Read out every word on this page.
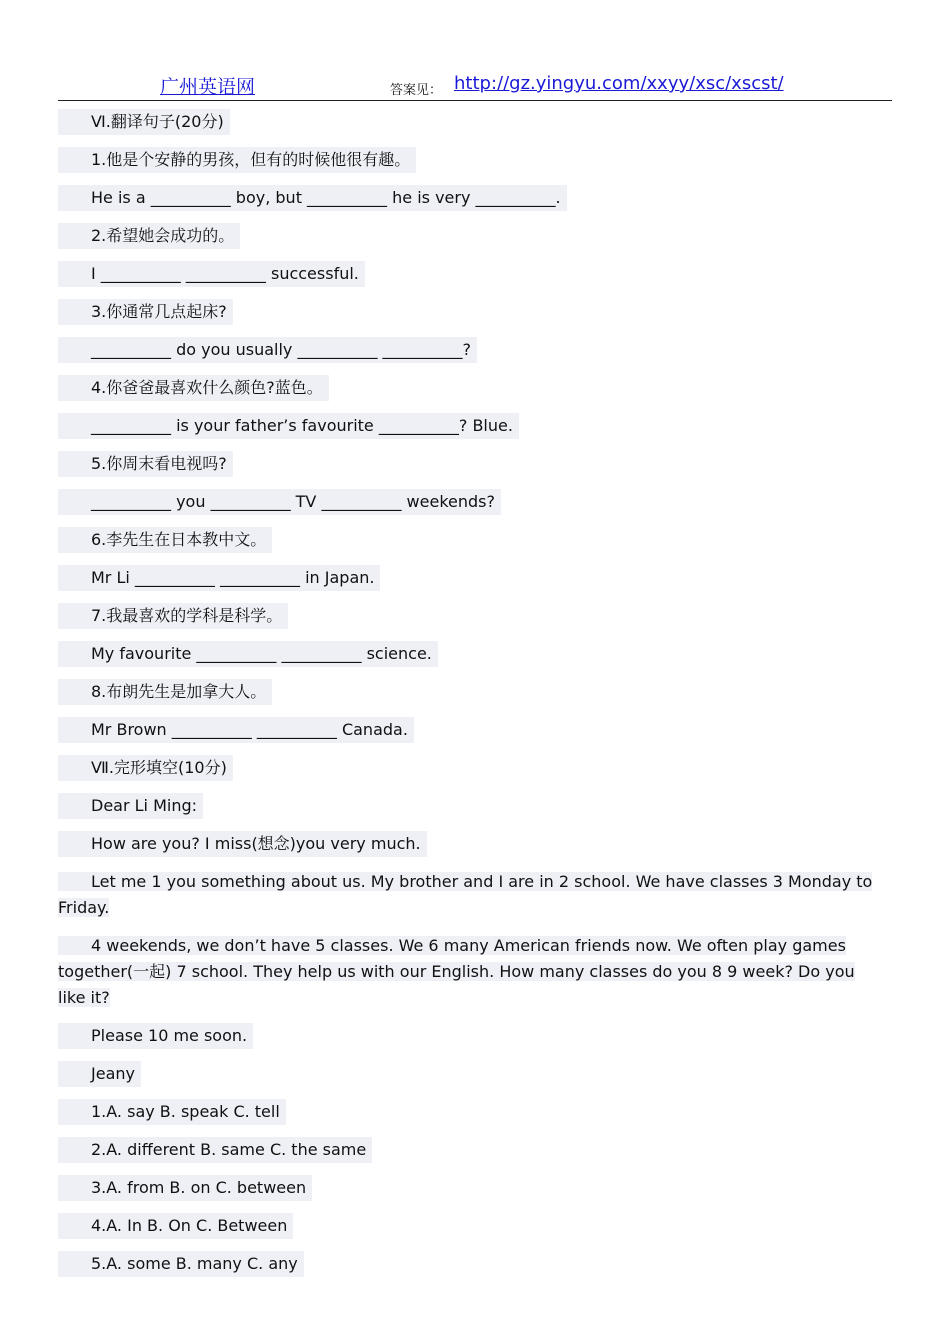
广州英语网	答案见： http://gz.yingyu.com/xxyy/xsc/xscst/
Ⅵ.翻译句子(20分)
1.他是个安静的男孩，但有的时候他很有趣。
He is a __________ boy, but __________ he is very __________.
2.希望她会成功的。
I __________ __________ successful.
3.你通常几点起床?
__________ do you usually __________ __________?
4.你爸爸最喜欢什么颜色?蓝色。
__________ is your father’s favourite __________? Blue.
5.你周末看电视吗?
__________ you __________ TV __________ weekends?
6.李先生在日本教中文。
Mr Li __________ __________ in Japan.
7.我最喜欢的学科是科学。
My favourite __________ __________ science.
8.布朗先生是加拿大人。
Mr Brown __________ __________ Canada.
Ⅶ.完形填空(10分)
Dear Li Ming:
How are you? I miss(想念)you very much.
Let me 1 you something about us. My brother and I are in 2 school. We have classes 3 Monday to Friday.
4 weekends, we don’t have 5 classes. We 6 many American friends now. We often play games together(一起) 7 school. They help us with our English. How many classes do you 8 9 week? Do you like it?
Please 10 me soon.
Jeany
1.A. say B. speak C. tell
2.A. different B. same C. the same
3.A. from B. on C. between
4.A. In B. On C. Between
5.A. some B. many C. any
